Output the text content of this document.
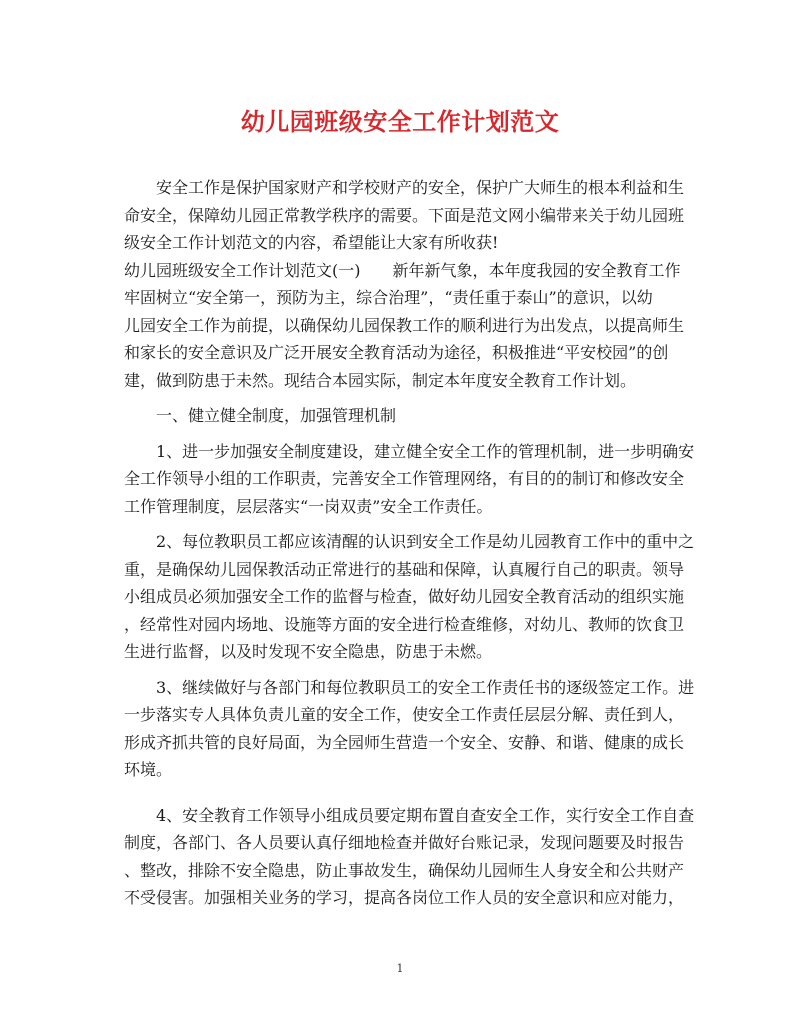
幼儿园班级安全工作计划范文

　　安全工作是保护国家财产和学校财产的安全，保护广大师生的根本利益和生

命安全，保障幼儿园正常教学秩序的需要。下面是范文网小编带来关于幼儿园班

级安全工作计划范文的内容，希望能让大家有所收获!

幼儿园班级安全工作计划范文(一)　　新年新气象，本年度我园的安全教育工作

牢固树立“安全第一，预防为主，综合治理”，“责任重于泰山”的意识，以幼

儿园安全工作为前提，以确保幼儿园保教工作的顺利进行为出发点，以提高师生

和家长的安全意识及广泛开展安全教育活动为途径，积极推进“平安校园”的创

建，做到防患于未然。现结合本园实际，制定本年度安全教育工作计划。

　　一、健立健全制度，加强管理机制

　　1、进一步加强安全制度建设，建立健全安全工作的管理机制，进一步明确安

全工作领导小组的工作职责，完善安全工作管理网络，有目的的制订和修改安全

工作管理制度，层层落实“一岗双责”安全工作责任。

　　2、每位教职员工都应该清醒的认识到安全工作是幼儿园教育工作中的重中之

重，是确保幼儿园保教活动正常进行的基础和保障，认真履行自己的职责。领导

小组成员必须加强安全工作的监督与检查，做好幼儿园安全教育活动的组织实施

，经常性对园内场地、设施等方面的安全进行检查维修，对幼儿、教师的饮食卫

生进行监督，以及时发现不安全隐患，防患于未燃。

　　3、继续做好与各部门和每位教职员工的安全工作责任书的逐级签定工作。进

一步落实专人具体负责儿童的安全工作，使安全工作责任层层分解、责任到人，

形成齐抓共管的良好局面，为全园师生营造一个安全、安静、和谐、健康的成长

环境。

　　4、安全教育工作领导小组成员要定期布置自查安全工作，实行安全工作自查

制度，各部门、各人员要认真仔细地检查并做好台账记录，发现问题要及时报告

、整改，排除不安全隐患，防止事故发生，确保幼儿园师生人身安全和公共财产

不受侵害。加强相关业务的学习，提高各岗位工作人员的安全意识和应对能力，

1
